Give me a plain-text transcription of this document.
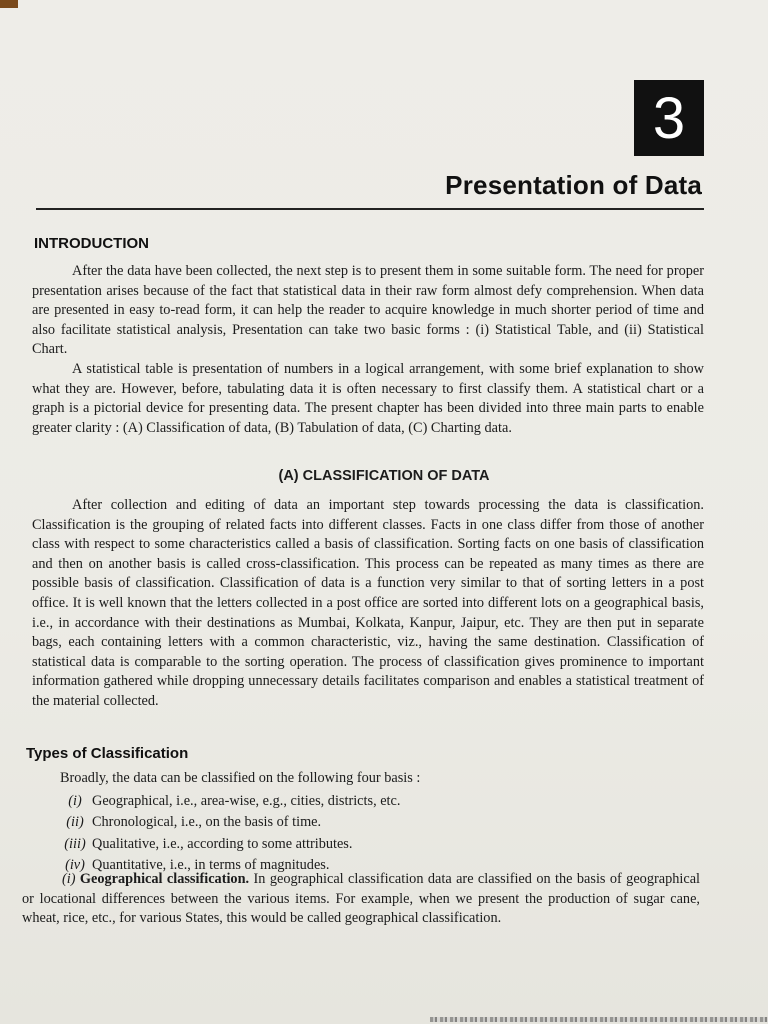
3
Presentation of Data
INTRODUCTION

After the data have been collected, the next step is to present them in some suitable form. The need for proper presentation arises because of the fact that statistical data in their raw form almost defy comprehension. When data are presented in easy to-read form, it can help the reader to acquire knowledge in much shorter period of time and also facilitate statistical analysis, Presentation can take two basic forms : (i) Statistical Table, and (ii) Statistical Chart.

A statistical table is presentation of numbers in a logical arrangement, with some brief explanation to show what they are. However, before, tabulating data it is often necessary to first classify them. A statistical chart or a graph is a pictorial device for presenting data. The present chapter has been divided into three main parts to enable greater clarity : (A) Classification of data, (B) Tabulation of data, (C) Charting data.

(A) CLASSIFICATION OF DATA

After collection and editing of data an important step towards processing the data is classification. Classification is the grouping of related facts into different classes. Facts in one class differ from those of another class with respect to some characteristics called a basis of classification. Sorting facts on one basis of classification and then on another basis is called cross-classification. This process can be repeated as many times as there are possible basis of classification. Classification of data is a function very similar to that of sorting letters in a post office. It is well known that the letters collected in a post office are sorted into different lots on a geographical basis, i.e., in accordance with their destinations as Mumbai, Kolkata, Kanpur, Jaipur, etc. They are then put in separate bags, each containing letters with a common characteristic, viz., having the same destination. Classification of statistical data is comparable to the sorting operation. The process of classification gives prominence to important information gathered while dropping unnecessary details facilitates comparison and enables a statistical treatment of the material collected.

Types of Classification
Broadly, the data can be classified on the following four basis :
(i) Geographical, i.e., area-wise, e.g., cities, districts, etc.
(ii) Chronological, i.e., on the basis of time.
(iii) Qualitative, i.e., according to some attributes.
(iv) Quantitative, i.e., in terms of magnitudes.

(i) Geographical classification. In geographical classification data are classified on the basis of geographical or locational differences between the various items. For example, when we present the production of sugar cane, wheat, rice, etc., for various States, this would be called geographical classification.
